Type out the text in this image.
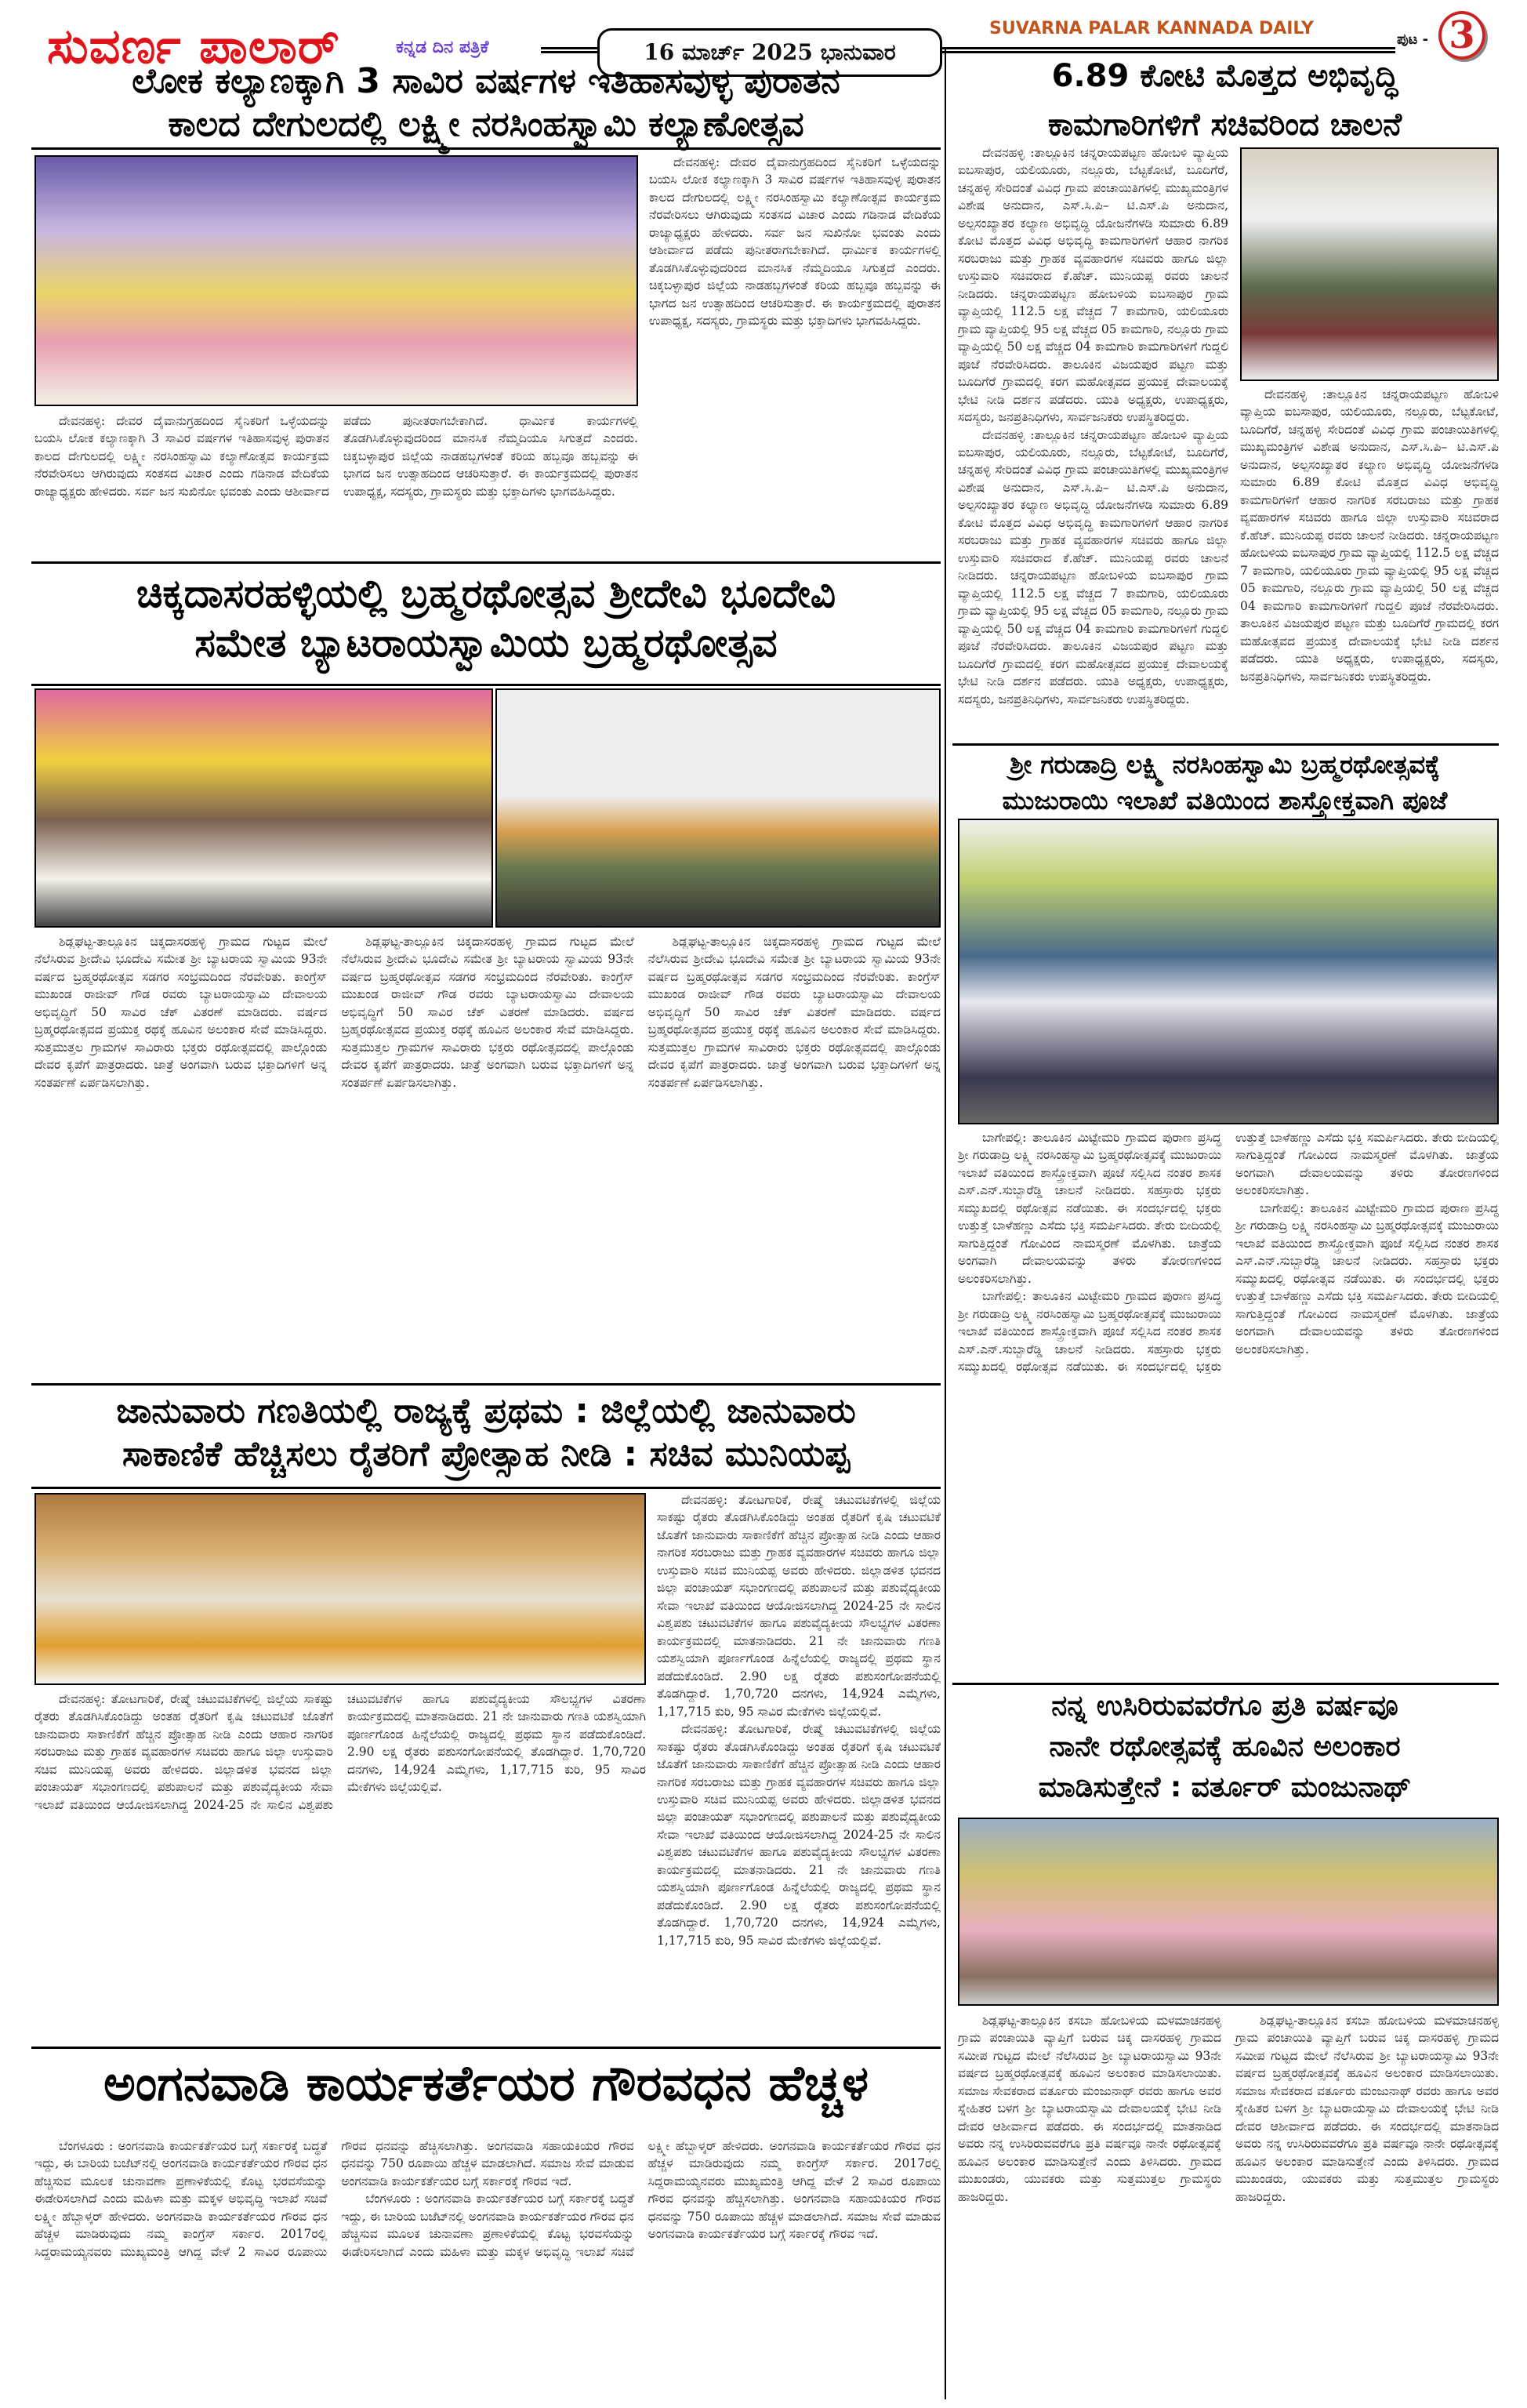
ಸುವರ್ಣ ಪಾಲಾರ್	ಕನ್ನಡ ದಿನ ಪತ್ರಿಕೆ	16 ಮಾರ್ಚ್ 2025 ಭಾನುವಾರ
SUVARNA PALAR KANNADA DAILY
ಪುಟ - 3
ಲೋಕ ಕಲ್ಯಾಣಕ್ಕಾಗಿ 3 ಸಾವಿರ ವರ್ಷಗಳ ಇತಿಹಾಸವುಳ್ಳ ಪುರಾತನ
ಕಾಲದ ದೇಗುಲದಲ್ಲಿ ಲಕ್ಷ್ಮೀ ನರಸಿಂಹಸ್ವಾಮಿ ಕಲ್ಯಾಣೋತ್ಸವ

ದೇವನಹಳ್ಳಿ: ದೇವರ ದೈವಾನುಗ್ರಹದಿಂದ ಸೈನಿಕರಿಗೆ ಒಳ್ಳೆಯದನ್ನು ಬಯಸಿ ಲೋಕ ಕಲ್ಯಾಣಕ್ಕಾಗಿ 3 ಸಾವಿರ ವರ್ಷಗಳ ಇತಿಹಾಸವುಳ್ಳ ಪುರಾತನ ಕಾಲದ ದೇಗುಲದಲ್ಲಿ ಲಕ್ಷ್ಮೀ ನರಸಿಂಹಸ್ವಾಮಿ ಕಲ್ಯಾಣೋತ್ಸವ ಕಾರ್ಯಕ್ರಮ ನೆರವೇರಿಸಲು ಆಗಿರುವುದು ಸಂತಸದ ವಿಚಾರ ಎಂದು ಗಡಿನಾಡ ವೇದಿಕೆಯ ರಾಜ್ಯಾಧ್ಯಕ್ಷರು ಹೇಳಿದರು. ಸರ್ವ ಜನ ಸುಖಿನೋ ಭವಂತು ಎಂದು ಆಶೀರ್ವಾದ ಪಡೆದು ಪುನೀತರಾಗಬೇಕಾಗಿದೆ. ಧಾರ್ಮಿಕ ಕಾರ್ಯಗಳಲ್ಲಿ ತೊಡಗಿಸಿಕೊಳ್ಳುವುದರಿಂದ ಮಾನಸಿಕ ನೆಮ್ಮದಿಯೂ ಸಿಗುತ್ತದೆ ಎಂದರು. ಚಿಕ್ಕಬಳ್ಳಾಪುರ ಜಿಲ್ಲೆಯ ನಾಡಹಬ್ಬಗಳಂತೆ ಕರಿಯ ಹಬ್ಬವೂ ಹಬ್ಬವನ್ನು ಈ ಭಾಗದ ಜನ ಉತ್ಸಾಹದಿಂದ ಆಚರಿಸುತ್ತಾರೆ. ಈ ಕಾರ್ಯಕ್ರಮದಲ್ಲಿ ಪುರಾತನ ಉಪಾಧ್ಯಕ್ಷ, ಸದಸ್ಯರು, ಗ್ರಾಮಸ್ಥರು ಮತ್ತು ಭಕ್ತಾದಿಗಳು ಭಾಗವಹಿಸಿದ್ದರು.

ದೇವನಹಳ್ಳಿ: ದೇವರ ದೈವಾನುಗ್ರಹದಿಂದ ಸೈನಿಕರಿಗೆ ಒಳ್ಳೆಯದನ್ನು ಬಯಸಿ ಲೋಕ ಕಲ್ಯಾಣಕ್ಕಾಗಿ 3 ಸಾವಿರ ವರ್ಷಗಳ ಇತಿಹಾಸವುಳ್ಳ ಪುರಾತನ ಕಾಲದ ದೇಗುಲದಲ್ಲಿ ಲಕ್ಷ್ಮೀ ನರಸಿಂಹಸ್ವಾಮಿ ಕಲ್ಯಾಣೋತ್ಸವ ಕಾರ್ಯಕ್ರಮ ನೆರವೇರಿಸಲು ಆಗಿರುವುದು ಸಂತಸದ ವಿಚಾರ ಎಂದು ಗಡಿನಾಡ ವೇದಿಕೆಯ ರಾಜ್ಯಾಧ್ಯಕ್ಷರು ಹೇಳಿದರು. ಸರ್ವ ಜನ ಸುಖಿನೋ ಭವಂತು ಎಂದು ಆಶೀರ್ವಾದ ಪಡೆದು ಪುನೀತರಾಗಬೇಕಾಗಿದೆ. ಧಾರ್ಮಿಕ ಕಾರ್ಯಗಳಲ್ಲಿ ತೊಡಗಿಸಿಕೊಳ್ಳುವುದರಿಂದ ಮಾನಸಿಕ ನೆಮ್ಮದಿಯೂ ಸಿಗುತ್ತದೆ ಎಂದರು. ಚಿಕ್ಕಬಳ್ಳಾಪುರ ಜಿಲ್ಲೆಯ ನಾಡಹಬ್ಬಗಳಂತೆ ಕರಿಯ ಹಬ್ಬವೂ ಹಬ್ಬವನ್ನು ಈ ಭಾಗದ ಜನ ಉತ್ಸಾಹದಿಂದ ಆಚರಿಸುತ್ತಾರೆ. ಈ ಕಾರ್ಯಕ್ರಮದಲ್ಲಿ ಪುರಾತನ ಉಪಾಧ್ಯಕ್ಷ, ಸದಸ್ಯರು, ಗ್ರಾಮಸ್ಥರು ಮತ್ತು ಭಕ್ತಾದಿಗಳು ಭಾಗವಹಿಸಿದ್ದರು.

ಚಿಕ್ಕದಾಸರಹಳ್ಳಿಯಲ್ಲಿ ಬ್ರಹ್ಮರಥೋತ್ಸವ ಶ್ರೀದೇವಿ ಭೂದೇವಿ
ಸಮೇತ ಬ್ಯಾಟರಾಯಸ್ವಾಮಿಯ ಬ್ರಹ್ಮರಥೋತ್ಸವ

ಶಿಡ್ಲಘಟ್ಟ-ತಾಲ್ಲೂಕಿನ ಚಿಕ್ಕದಾಸರಹಳ್ಳಿ ಗ್ರಾಮದ ಗುಟ್ಟದ ಮೇಲೆ ನೆಲೆಸಿರುವ ಶ್ರೀದೇವಿ ಭೂದೇವಿ ಸಮೇತ ಶ್ರೀ ಬ್ಯಾಟರಾಯ ಸ್ವಾಮಿಯ 93ನೇ ವರ್ಷದ ಬ್ರಹ್ಮರಥೋತ್ಸವ ಸಡಗರ ಸಂಭ್ರಮದಿಂದ ನೆರವೇರಿತು. ಕಾಂಗ್ರೆಸ್ ಮುಖಂಡ ರಾಜೀವ್ ಗೌಡ ರವರು ಬ್ಯಾಟರಾಯಸ್ವಾಮಿ ದೇವಾಲಯ ಅಭಿವೃದ್ಧಿಗೆ 50 ಸಾವಿರ ಚೆಕ್ ವಿತರಣೆ ಮಾಡಿದರು. ವರ್ಷದ ಬ್ರಹ್ಮರಥೋತ್ಸವದ ಪ್ರಯುಕ್ತ ರಥಕ್ಕೆ ಹೂವಿನ ಅಲಂಕಾರ ಸೇವೆ ಮಾಡಿಸಿದ್ದರು. ಸುತ್ತಮುತ್ತಲ ಗ್ರಾಮಗಳ ಸಾವಿರಾರು ಭಕ್ತರು ರಥೋತ್ಸವದಲ್ಲಿ ಪಾಲ್ಗೊಂಡು ದೇವರ ಕೃಪೆಗೆ ಪಾತ್ರರಾದರು. ಜಾತ್ರೆ ಅಂಗವಾಗಿ ಬರುವ ಭಕ್ತಾದಿಗಳಿಗೆ ಅನ್ನ ಸಂತರ್ಪಣೆ ಏರ್ಪಡಿಸಲಾಗಿತ್ತು.

ಶಿಡ್ಲಘಟ್ಟ-ತಾಲ್ಲೂಕಿನ ಚಿಕ್ಕದಾಸರಹಳ್ಳಿ ಗ್ರಾಮದ ಗುಟ್ಟದ ಮೇಲೆ ನೆಲೆಸಿರುವ ಶ್ರೀದೇವಿ ಭೂದೇವಿ ಸಮೇತ ಶ್ರೀ ಬ್ಯಾಟರಾಯ ಸ್ವಾಮಿಯ 93ನೇ ವರ್ಷದ ಬ್ರಹ್ಮರಥೋತ್ಸವ ಸಡಗರ ಸಂಭ್ರಮದಿಂದ ನೆರವೇರಿತು. ಕಾಂಗ್ರೆಸ್ ಮುಖಂಡ ರಾಜೀವ್ ಗೌಡ ರವರು ಬ್ಯಾಟರಾಯಸ್ವಾಮಿ ದೇವಾಲಯ ಅಭಿವೃದ್ಧಿಗೆ 50 ಸಾವಿರ ಚೆಕ್ ವಿತರಣೆ ಮಾಡಿದರು. ವರ್ಷದ ಬ್ರಹ್ಮರಥೋತ್ಸವದ ಪ್ರಯುಕ್ತ ರಥಕ್ಕೆ ಹೂವಿನ ಅಲಂಕಾರ ಸೇವೆ ಮಾಡಿಸಿದ್ದರು. ಸುತ್ತಮುತ್ತಲ ಗ್ರಾಮಗಳ ಸಾವಿರಾರು ಭಕ್ತರು ರಥೋತ್ಸವದಲ್ಲಿ ಪಾಲ್ಗೊಂಡು ದೇವರ ಕೃಪೆಗೆ ಪಾತ್ರರಾದರು. ಜಾತ್ರೆ ಅಂಗವಾಗಿ ಬರುವ ಭಕ್ತಾದಿಗಳಿಗೆ ಅನ್ನ ಸಂತರ್ಪಣೆ ಏರ್ಪಡಿಸಲಾಗಿತ್ತು.

ಶಿಡ್ಲಘಟ್ಟ-ತಾಲ್ಲೂಕಿನ ಚಿಕ್ಕದಾಸರಹಳ್ಳಿ ಗ್ರಾಮದ ಗುಟ್ಟದ ಮೇಲೆ ನೆಲೆಸಿರುವ ಶ್ರೀದೇವಿ ಭೂದೇವಿ ಸಮೇತ ಶ್ರೀ ಬ್ಯಾಟರಾಯ ಸ್ವಾಮಿಯ 93ನೇ ವರ್ಷದ ಬ್ರಹ್ಮರಥೋತ್ಸವ ಸಡಗರ ಸಂಭ್ರಮದಿಂದ ನೆರವೇರಿತು. ಕಾಂಗ್ರೆಸ್ ಮುಖಂಡ ರಾಜೀವ್ ಗೌಡ ರವರು ಬ್ಯಾಟರಾಯಸ್ವಾಮಿ ದೇವಾಲಯ ಅಭಿವೃದ್ಧಿಗೆ 50 ಸಾವಿರ ಚೆಕ್ ವಿತರಣೆ ಮಾಡಿದರು. ವರ್ಷದ ಬ್ರಹ್ಮರಥೋತ್ಸವದ ಪ್ರಯುಕ್ತ ರಥಕ್ಕೆ ಹೂವಿನ ಅಲಂಕಾರ ಸೇವೆ ಮಾಡಿಸಿದ್ದರು. ಸುತ್ತಮುತ್ತಲ ಗ್ರಾಮಗಳ ಸಾವಿರಾರು ಭಕ್ತರು ರಥೋತ್ಸವದಲ್ಲಿ ಪಾಲ್ಗೊಂಡು ದೇವರ ಕೃಪೆಗೆ ಪಾತ್ರರಾದರು. ಜಾತ್ರೆ ಅಂಗವಾಗಿ ಬರುವ ಭಕ್ತಾದಿಗಳಿಗೆ ಅನ್ನ ಸಂತರ್ಪಣೆ ಏರ್ಪಡಿಸಲಾಗಿತ್ತು.

ಜಾನುವಾರು ಗಣತಿಯಲ್ಲಿ ರಾಜ್ಯಕ್ಕೆ ಪ್ರಥಮ : ಜಿಲ್ಲೆಯಲ್ಲಿ ಜಾನುವಾರು
ಸಾಕಾಣಿಕೆ ಹೆಚ್ಚಿಸಲು ರೈತರಿಗೆ ಪ್ರೋತ್ಸಾಹ ನೀಡಿ : ಸಚಿವ ಮುನಿಯಪ್ಪ

ದೇವನಹಳ್ಳಿ: ತೋಟಗಾರಿಕೆ, ರೇಷ್ಮೆ ಚಟುವಟಿಕೆಗಳಲ್ಲಿ ಜಿಲ್ಲೆಯ ಸಾಕಷ್ಟು ರೈತರು ತೊಡಗಿಸಿಕೊಂಡಿದ್ದು ಅಂತಹ ರೈತರಿಗೆ ಕೃಷಿ ಚಟುವಟಿಕೆ ಜೊತೆಗೆ ಜಾನುವಾರು ಸಾಕಾಣಿಕೆಗೆ ಹೆಚ್ಚಿನ ಪ್ರೋತ್ಸಾಹ ನೀಡಿ ಎಂದು ಆಹಾರ ನಾಗರಿಕ ಸರಬರಾಜು ಮತ್ತು ಗ್ರಾಹಕ ವ್ಯವಹಾರಗಳ ಸಚಿವರು ಹಾಗೂ ಜಿಲ್ಲಾ ಉಸ್ತುವಾರಿ ಸಚಿವ ಮುನಿಯಪ್ಪ ಅವರು ಹೇಳಿದರು. ಜಿಲ್ಲಾಡಳಿತ ಭವನದ ಜಿಲ್ಲಾ ಪಂಚಾಯತ್ ಸಭಾಂಗಣದಲ್ಲಿ ಪಶುಪಾಲನೆ ಮತ್ತು ಪಶುವೈದ್ಯಕೀಯ ಸೇವಾ ಇಲಾಖೆ ವತಿಯಿಂದ ಆಯೋಜಿಸಲಾಗಿದ್ದ 2024-25 ನೇ ಸಾಲಿನ ವಿಶ್ವಪಶು ಚಟುವಟಿಕೆಗಳ ಹಾಗೂ ಪಶುವೈದ್ಯಕೀಯ ಸೌಲಭ್ಯಗಳ ವಿತರಣಾ ಕಾರ್ಯಕ್ರಮದಲ್ಲಿ ಮಾತನಾಡಿದರು. 21 ನೇ ಜಾನುವಾರು ಗಣತಿ ಯಶಸ್ವಿಯಾಗಿ ಪೂರ್ಣಗೊಂಡ ಹಿನ್ನೆಲೆಯಲ್ಲಿ ರಾಜ್ಯದಲ್ಲಿ ಪ್ರಥಮ ಸ್ಥಾನ ಪಡೆದುಕೊಂಡಿದೆ. 2.90 ಲಕ್ಷ ರೈತರು ಪಶುಸಂಗೋಪನೆಯಲ್ಲಿ ತೊಡಗಿದ್ದಾರೆ. 1,70,720 ದನಗಳು, 14,924 ಎಮ್ಮೆಗಳು, 1,17,715 ಕುರಿ, 95 ಸಾವಿರ ಮೇಕೆಗಳು ಜಿಲ್ಲೆಯಲ್ಲಿವೆ.

ದೇವನಹಳ್ಳಿ: ತೋಟಗಾರಿಕೆ, ರೇಷ್ಮೆ ಚಟುವಟಿಕೆಗಳಲ್ಲಿ ಜಿಲ್ಲೆಯ ಸಾಕಷ್ಟು ರೈತರು ತೊಡಗಿಸಿಕೊಂಡಿದ್ದು ಅಂತಹ ರೈತರಿಗೆ ಕೃಷಿ ಚಟುವಟಿಕೆ ಜೊತೆಗೆ ಜಾನುವಾರು ಸಾಕಾಣಿಕೆಗೆ ಹೆಚ್ಚಿನ ಪ್ರೋತ್ಸಾಹ ನೀಡಿ ಎಂದು ಆಹಾರ ನಾಗರಿಕ ಸರಬರಾಜು ಮತ್ತು ಗ್ರಾಹಕ ವ್ಯವಹಾರಗಳ ಸಚಿವರು ಹಾಗೂ ಜಿಲ್ಲಾ ಉಸ್ತುವಾರಿ ಸಚಿವ ಮುನಿಯಪ್ಪ ಅವರು ಹೇಳಿದರು. ಜಿಲ್ಲಾಡಳಿತ ಭವನದ ಜಿಲ್ಲಾ ಪಂಚಾಯತ್ ಸಭಾಂಗಣದಲ್ಲಿ ಪಶುಪಾಲನೆ ಮತ್ತು ಪಶುವೈದ್ಯಕೀಯ ಸೇವಾ ಇಲಾಖೆ ವತಿಯಿಂದ ಆಯೋಜಿಸಲಾಗಿದ್ದ 2024-25 ನೇ ಸಾಲಿನ ವಿಶ್ವಪಶು ಚಟುವಟಿಕೆಗಳ ಹಾಗೂ ಪಶುವೈದ್ಯಕೀಯ ಸೌಲಭ್ಯಗಳ ವಿತರಣಾ ಕಾರ್ಯಕ್ರಮದಲ್ಲಿ ಮಾತನಾಡಿದರು. 21 ನೇ ಜಾನುವಾರು ಗಣತಿ ಯಶಸ್ವಿಯಾಗಿ ಪೂರ್ಣಗೊಂಡ ಹಿನ್ನೆಲೆಯಲ್ಲಿ ರಾಜ್ಯದಲ್ಲಿ ಪ್ರಥಮ ಸ್ಥಾನ ಪಡೆದುಕೊಂಡಿದೆ. 2.90 ಲಕ್ಷ ರೈತರು ಪಶುಸಂಗೋಪನೆಯಲ್ಲಿ ತೊಡಗಿದ್ದಾರೆ. 1,70,720 ದನಗಳು, 14,924 ಎಮ್ಮೆಗಳು, 1,17,715 ಕುರಿ, 95 ಸಾವಿರ ಮೇಕೆಗಳು ಜಿಲ್ಲೆಯಲ್ಲಿವೆ.

ದೇವನಹಳ್ಳಿ: ತೋಟಗಾರಿಕೆ, ರೇಷ್ಮೆ ಚಟುವಟಿಕೆಗಳಲ್ಲಿ ಜಿಲ್ಲೆಯ ಸಾಕಷ್ಟು ರೈತರು ತೊಡಗಿಸಿಕೊಂಡಿದ್ದು ಅಂತಹ ರೈತರಿಗೆ ಕೃಷಿ ಚಟುವಟಿಕೆ ಜೊತೆಗೆ ಜಾನುವಾರು ಸಾಕಾಣಿಕೆಗೆ ಹೆಚ್ಚಿನ ಪ್ರೋತ್ಸಾಹ ನೀಡಿ ಎಂದು ಆಹಾರ ನಾಗರಿಕ ಸರಬರಾಜು ಮತ್ತು ಗ್ರಾಹಕ ವ್ಯವಹಾರಗಳ ಸಚಿವರು ಹಾಗೂ ಜಿಲ್ಲಾ ಉಸ್ತುವಾರಿ ಸಚಿವ ಮುನಿಯಪ್ಪ ಅವರು ಹೇಳಿದರು. ಜಿಲ್ಲಾಡಳಿತ ಭವನದ ಜಿಲ್ಲಾ ಪಂಚಾಯತ್ ಸಭಾಂಗಣದಲ್ಲಿ ಪಶುಪಾಲನೆ ಮತ್ತು ಪಶುವೈದ್ಯಕೀಯ ಸೇವಾ ಇಲಾಖೆ ವತಿಯಿಂದ ಆಯೋಜಿಸಲಾಗಿದ್ದ 2024-25 ನೇ ಸಾಲಿನ ವಿಶ್ವಪಶು ಚಟುವಟಿಕೆಗಳ ಹಾಗೂ ಪಶುವೈದ್ಯಕೀಯ ಸೌಲಭ್ಯಗಳ ವಿತರಣಾ ಕಾರ್ಯಕ್ರಮದಲ್ಲಿ ಮಾತನಾಡಿದರು. 21 ನೇ ಜಾನುವಾರು ಗಣತಿ ಯಶಸ್ವಿಯಾಗಿ ಪೂರ್ಣಗೊಂಡ ಹಿನ್ನೆಲೆಯಲ್ಲಿ ರಾಜ್ಯದಲ್ಲಿ ಪ್ರಥಮ ಸ್ಥಾನ ಪಡೆದುಕೊಂಡಿದೆ. 2.90 ಲಕ್ಷ ರೈತರು ಪಶುಸಂಗೋಪನೆಯಲ್ಲಿ ತೊಡಗಿದ್ದಾರೆ. 1,70,720 ದನಗಳು, 14,924 ಎಮ್ಮೆಗಳು, 1,17,715 ಕುರಿ, 95 ಸಾವಿರ ಮೇಕೆಗಳು ಜಿಲ್ಲೆಯಲ್ಲಿವೆ.

ಅಂಗನವಾಡಿ ಕಾರ್ಯಕರ್ತೆಯರ ಗೌರವಧನ ಹೆಚ್ಚಳ

ಬೆಂಗಳೂರು : ಅಂಗನವಾಡಿ ಕಾರ್ಯಕರ್ತೆಯರ ಬಗ್ಗೆ ಸರ್ಕಾರಕ್ಕೆ ಬದ್ಧತೆ ಇದ್ದು, ಈ ಬಾರಿಯ ಬಜೆಟ್‌ನಲ್ಲಿ ಅಂಗನವಾಡಿ ಕಾರ್ಯಕರ್ತೆಯರ ಗೌರವ ಧನ ಹೆಚ್ಚಿಸುವ ಮೂಲಕ ಚುನಾವಣಾ ಪ್ರಣಾಳಿಕೆಯಲ್ಲಿ ಕೊಟ್ಟ ಭರವಸೆಯನ್ನು ಈಡೇರಿಸಲಾಗಿದೆ ಎಂದು ಮಹಿಳಾ ಮತ್ತು ಮಕ್ಕಳ ಅಭಿವೃದ್ಧಿ ಇಲಾಖೆ ಸಚಿವೆ ಲಕ್ಷ್ಮೀ ಹೆಬ್ಬಾಳ್ಕರ್ ಹೇಳಿದರು. ಅಂಗನವಾಡಿ ಕಾರ್ಯಕರ್ತೆಯರ ಗೌರವ ಧನ ಹೆಚ್ಚಳ ಮಾಡಿರುವುದು ನಮ್ಮ ಕಾಂಗ್ರೆಸ್ ಸರ್ಕಾರ. 2017ರಲ್ಲಿ ಸಿದ್ದರಾಮಯ್ಯನವರು ಮುಖ್ಯಮಂತ್ರಿ ಆಗಿದ್ದ ವೇಳೆ 2 ಸಾವಿರ ರೂಪಾಯಿ ಗೌರವ ಧನವನ್ನು ಹೆಚ್ಚಿಸಲಾಗಿತ್ತು. ಅಂಗನವಾಡಿ ಸಹಾಯಕಿಯರ ಗೌರವ ಧನವನ್ನು 750 ರೂಪಾಯಿ ಹೆಚ್ಚಳ ಮಾಡಲಾಗಿದೆ. ಸಮಾಜ ಸೇವೆ ಮಾಡುವ ಅಂಗನವಾಡಿ ಕಾರ್ಯಕರ್ತೆಯರ ಬಗ್ಗೆ ಸರ್ಕಾರಕ್ಕೆ ಗೌರವ ಇದೆ.

ಬೆಂಗಳೂರು : ಅಂಗನವಾಡಿ ಕಾರ್ಯಕರ್ತೆಯರ ಬಗ್ಗೆ ಸರ್ಕಾರಕ್ಕೆ ಬದ್ಧತೆ ಇದ್ದು, ಈ ಬಾರಿಯ ಬಜೆಟ್‌ನಲ್ಲಿ ಅಂಗನವಾಡಿ ಕಾರ್ಯಕರ್ತೆಯರ ಗೌರವ ಧನ ಹೆಚ್ಚಿಸುವ ಮೂಲಕ ಚುನಾವಣಾ ಪ್ರಣಾಳಿಕೆಯಲ್ಲಿ ಕೊಟ್ಟ ಭರವಸೆಯನ್ನು ಈಡೇರಿಸಲಾಗಿದೆ ಎಂದು ಮಹಿಳಾ ಮತ್ತು ಮಕ್ಕಳ ಅಭಿವೃದ್ಧಿ ಇಲಾಖೆ ಸಚಿವೆ ಲಕ್ಷ್ಮೀ ಹೆಬ್ಬಾಳ್ಕರ್ ಹೇಳಿದರು. ಅಂಗನವಾಡಿ ಕಾರ್ಯಕರ್ತೆಯರ ಗೌರವ ಧನ ಹೆಚ್ಚಳ ಮಾಡಿರುವುದು ನಮ್ಮ ಕಾಂಗ್ರೆಸ್ ಸರ್ಕಾರ. 2017ರಲ್ಲಿ ಸಿದ್ದರಾಮಯ್ಯನವರು ಮುಖ್ಯಮಂತ್ರಿ ಆಗಿದ್ದ ವೇಳೆ 2 ಸಾವಿರ ರೂಪಾಯಿ ಗೌರವ ಧನವನ್ನು ಹೆಚ್ಚಿಸಲಾಗಿತ್ತು. ಅಂಗನವಾಡಿ ಸಹಾಯಕಿಯರ ಗೌರವ ಧನವನ್ನು 750 ರೂಪಾಯಿ ಹೆಚ್ಚಳ ಮಾಡಲಾಗಿದೆ. ಸಮಾಜ ಸೇವೆ ಮಾಡುವ ಅಂಗನವಾಡಿ ಕಾರ್ಯಕರ್ತೆಯರ ಬಗ್ಗೆ ಸರ್ಕಾರಕ್ಕೆ ಗೌರವ ಇದೆ.

6.89 ಕೋಟಿ ಮೊತ್ತದ ಅಭಿವೃದ್ಧಿ
ಕಾಮಗಾರಿಗಳಿಗೆ ಸಚಿವರಿಂದ ಚಾಲನೆ

ದೇವನಹಳ್ಳಿ :ತಾಲ್ಲೂಕಿನ ಚನ್ನರಾಯಪಟ್ಟಣ ಹೋಬಳಿ ವ್ಯಾಪ್ತಿಯ ಐಬಸಾಪುರ, ಯಲಿಯೂರು, ನಲ್ಲೂರು, ಬೆಟ್ಟಕೋಟೆ, ಬೂದಿಗೆರೆ, ಚನ್ನಹಳ್ಳಿ ಸೇರಿದಂತೆ ವಿವಿಧ ಗ್ರಾಮ ಪಂಚಾಯಿತಿಗಳಲ್ಲಿ ಮುಖ್ಯಮಂತ್ರಿಗಳ ವಿಶೇಷ ಅನುದಾನ, ಎಸ್.ಸಿ.ಪಿ– ಟಿ.ಎಸ್.ಪಿ ಅನುದಾನ, ಅಲ್ಪಸಂಖ್ಯಾತರ ಕಲ್ಯಾಣ ಅಭಿವೃದ್ಧಿ ಯೋಜನೆಗಳಡಿ ಸುಮಾರು 6.89 ಕೋಟಿ ಮೊತ್ತದ ವಿವಿಧ ಅಭಿವೃದ್ಧಿ ಕಾಮಗಾರಿಗಳಿಗೆ ಆಹಾರ ನಾಗರಿಕ ಸರಬರಾಜು ಮತ್ತು ಗ್ರಾಹಕ ವ್ಯವಹಾರಗಳ ಸಚಿವರು ಹಾಗೂ ಜಿಲ್ಲಾ ಉಸ್ತುವಾರಿ ಸಚಿವರಾದ ಕೆ.ಹೆಚ್. ಮುನಿಯಪ್ಪ ರವರು ಚಾಲನೆ ನೀಡಿದರು. ಚನ್ನರಾಯಪಟ್ಟಣ ಹೋಬಳಿಯ ಐಬಸಾಪುರ ಗ್ರಾಮ ವ್ಯಾಪ್ತಿಯಲ್ಲಿ 112.5 ಲಕ್ಷ ವೆಚ್ಚದ 7 ಕಾಮಗಾರಿ, ಯಲಿಯೂರು ಗ್ರಾಮ ವ್ಯಾಪ್ತಿಯಲ್ಲಿ 95 ಲಕ್ಷ ವೆಚ್ಚದ 05 ಕಾಮಗಾರಿ, ನಲ್ಲೂರು ಗ್ರಾಮ ವ್ಯಾಪ್ತಿಯಲ್ಲಿ 50 ಲಕ್ಷ ವೆಚ್ಚದ 04 ಕಾಮಗಾರಿ ಕಾಮಗಾರಿಗಳಿಗೆ ಗುದ್ದಲಿ ಪೂಜೆ ನೆರವೇರಿಸಿದರು. ತಾಲೂಕಿನ ವಿಜಯಪುರ ಪಟ್ಟಣ ಮತ್ತು ಬೂದಿಗೆರೆ ಗ್ರಾಮದಲ್ಲಿ ಕರಗ ಮಹೋತ್ಸವದ ಪ್ರಯುಕ್ತ ದೇವಾಲಯಕ್ಕೆ ಭೇಟಿ ನೀಡಿ ದರ್ಶನ ಪಡೆದರು. ಯುತಿ ಅಧ್ಯಕ್ಷರು, ಉಪಾಧ್ಯಕ್ಷರು, ಸದಸ್ಯರು, ಜನಪ್ರತಿನಿಧಿಗಳು, ಸಾರ್ವಜನಿಕರು ಉಪಸ್ಥಿತರಿದ್ದರು.

ದೇವನಹಳ್ಳಿ :ತಾಲ್ಲೂಕಿನ ಚನ್ನರಾಯಪಟ್ಟಣ ಹೋಬಳಿ ವ್ಯಾಪ್ತಿಯ ಐಬಸಾಪುರ, ಯಲಿಯೂರು, ನಲ್ಲೂರು, ಬೆಟ್ಟಕೋಟೆ, ಬೂದಿಗೆರೆ, ಚನ್ನಹಳ್ಳಿ ಸೇರಿದಂತೆ ವಿವಿಧ ಗ್ರಾಮ ಪಂಚಾಯಿತಿಗಳಲ್ಲಿ ಮುಖ್ಯಮಂತ್ರಿಗಳ ವಿಶೇಷ ಅನುದಾನ, ಎಸ್.ಸಿ.ಪಿ– ಟಿ.ಎಸ್.ಪಿ ಅನುದಾನ, ಅಲ್ಪಸಂಖ್ಯಾತರ ಕಲ್ಯಾಣ ಅಭಿವೃದ್ಧಿ ಯೋಜನೆಗಳಡಿ ಸುಮಾರು 6.89 ಕೋಟಿ ಮೊತ್ತದ ವಿವಿಧ ಅಭಿವೃದ್ಧಿ ಕಾಮಗಾರಿಗಳಿಗೆ ಆಹಾರ ನಾಗರಿಕ ಸರಬರಾಜು ಮತ್ತು ಗ್ರಾಹಕ ವ್ಯವಹಾರಗಳ ಸಚಿವರು ಹಾಗೂ ಜಿಲ್ಲಾ ಉಸ್ತುವಾರಿ ಸಚಿವರಾದ ಕೆ.ಹೆಚ್. ಮುನಿಯಪ್ಪ ರವರು ಚಾಲನೆ ನೀಡಿದರು. ಚನ್ನರಾಯಪಟ್ಟಣ ಹೋಬಳಿಯ ಐಬಸಾಪುರ ಗ್ರಾಮ ವ್ಯಾಪ್ತಿಯಲ್ಲಿ 112.5 ಲಕ್ಷ ವೆಚ್ಚದ 7 ಕಾಮಗಾರಿ, ಯಲಿಯೂರು ಗ್ರಾಮ ವ್ಯಾಪ್ತಿಯಲ್ಲಿ 95 ಲಕ್ಷ ವೆಚ್ಚದ 05 ಕಾಮಗಾರಿ, ನಲ್ಲೂರು ಗ್ರಾಮ ವ್ಯಾಪ್ತಿಯಲ್ಲಿ 50 ಲಕ್ಷ ವೆಚ್ಚದ 04 ಕಾಮಗಾರಿ ಕಾಮಗಾರಿಗಳಿಗೆ ಗುದ್ದಲಿ ಪೂಜೆ ನೆರವೇರಿಸಿದರು. ತಾಲೂಕಿನ ವಿಜಯಪುರ ಪಟ್ಟಣ ಮತ್ತು ಬೂದಿಗೆರೆ ಗ್ರಾಮದಲ್ಲಿ ಕರಗ ಮಹೋತ್ಸವದ ಪ್ರಯುಕ್ತ ದೇವಾಲಯಕ್ಕೆ ಭೇಟಿ ನೀಡಿ ದರ್ಶನ ಪಡೆದರು. ಯುತಿ ಅಧ್ಯಕ್ಷರು, ಉಪಾಧ್ಯಕ್ಷರು, ಸದಸ್ಯರು, ಜನಪ್ರತಿನಿಧಿಗಳು, ಸಾರ್ವಜನಿಕರು ಉಪಸ್ಥಿತರಿದ್ದರು.

ದೇವನಹಳ್ಳಿ :ತಾಲ್ಲೂಕಿನ ಚನ್ನರಾಯಪಟ್ಟಣ ಹೋಬಳಿ ವ್ಯಾಪ್ತಿಯ ಐಬಸಾಪುರ, ಯಲಿಯೂರು, ನಲ್ಲೂರು, ಬೆಟ್ಟಕೋಟೆ, ಬೂದಿಗೆರೆ, ಚನ್ನಹಳ್ಳಿ ಸೇರಿದಂತೆ ವಿವಿಧ ಗ್ರಾಮ ಪಂಚಾಯಿತಿಗಳಲ್ಲಿ ಮುಖ್ಯಮಂತ್ರಿಗಳ ವಿಶೇಷ ಅನುದಾನ, ಎಸ್.ಸಿ.ಪಿ– ಟಿ.ಎಸ್.ಪಿ ಅನುದಾನ, ಅಲ್ಪಸಂಖ್ಯಾತರ ಕಲ್ಯಾಣ ಅಭಿವೃದ್ಧಿ ಯೋಜನೆಗಳಡಿ ಸುಮಾರು 6.89 ಕೋಟಿ ಮೊತ್ತದ ವಿವಿಧ ಅಭಿವೃದ್ಧಿ ಕಾಮಗಾರಿಗಳಿಗೆ ಆಹಾರ ನಾಗರಿಕ ಸರಬರಾಜು ಮತ್ತು ಗ್ರಾಹಕ ವ್ಯವಹಾರಗಳ ಸಚಿವರು ಹಾಗೂ ಜಿಲ್ಲಾ ಉಸ್ತುವಾರಿ ಸಚಿವರಾದ ಕೆ.ಹೆಚ್. ಮುನಿಯಪ್ಪ ರವರು ಚಾಲನೆ ನೀಡಿದರು. ಚನ್ನರಾಯಪಟ್ಟಣ ಹೋಬಳಿಯ ಐಬಸಾಪುರ ಗ್ರಾಮ ವ್ಯಾಪ್ತಿಯಲ್ಲಿ 112.5 ಲಕ್ಷ ವೆಚ್ಚದ 7 ಕಾಮಗಾರಿ, ಯಲಿಯೂರು ಗ್ರಾಮ ವ್ಯಾಪ್ತಿಯಲ್ಲಿ 95 ಲಕ್ಷ ವೆಚ್ಚದ 05 ಕಾಮಗಾರಿ, ನಲ್ಲೂರು ಗ್ರಾಮ ವ್ಯಾಪ್ತಿಯಲ್ಲಿ 50 ಲಕ್ಷ ವೆಚ್ಚದ 04 ಕಾಮಗಾರಿ ಕಾಮಗಾರಿಗಳಿಗೆ ಗುದ್ದಲಿ ಪೂಜೆ ನೆರವೇರಿಸಿದರು. ತಾಲೂಕಿನ ವಿಜಯಪುರ ಪಟ್ಟಣ ಮತ್ತು ಬೂದಿಗೆರೆ ಗ್ರಾಮದಲ್ಲಿ ಕರಗ ಮಹೋತ್ಸವದ ಪ್ರಯುಕ್ತ ದೇವಾಲಯಕ್ಕೆ ಭೇಟಿ ನೀಡಿ ದರ್ಶನ ಪಡೆದರು. ಯುತಿ ಅಧ್ಯಕ್ಷರು, ಉಪಾಧ್ಯಕ್ಷರು, ಸದಸ್ಯರು, ಜನಪ್ರತಿನಿಧಿಗಳು, ಸಾರ್ವಜನಿಕರು ಉಪಸ್ಥಿತರಿದ್ದರು.

ಶ್ರೀ ಗರುಡಾದ್ರಿ ಲಕ್ಷ್ಮಿ ನರಸಿಂಹಸ್ವಾಮಿ ಬ್ರಹ್ಮರಥೋತ್ಸವಕ್ಕೆ
ಮುಜುರಾಯಿ ಇಲಾಖೆ ವತಿಯಿಂದ ಶಾಸ್ತ್ರೋಕ್ತವಾಗಿ ಪೂಜೆ

ಬಾಗೇಪಲ್ಲಿ: ತಾಲೂಕಿನ ಮಿಟ್ಟೇಮರಿ ಗ್ರಾಮದ ಪುರಾಣ ಪ್ರಸಿದ್ಧ ಶ್ರೀ ಗರುಡಾದ್ರಿ ಲಕ್ಷ್ಮಿ ನರಸಿಂಹಸ್ವಾಮಿ ಬ್ರಹ್ಮರಥೋತ್ಸವಕ್ಕೆ ಮುಜುರಾಯಿ ಇಲಾಖೆ ವತಿಯಿಂದ ಶಾಸ್ತ್ರೋಕ್ತವಾಗಿ ಪೂಜೆ ಸಲ್ಲಿಸಿದ ನಂತರ ಶಾಸಕ ಎಸ್.ಎನ್.ಸುಬ್ಬಾರೆಡ್ಡಿ ಚಾಲನೆ ನೀಡಿದರು. ಸಹಸ್ರಾರು ಭಕ್ತರು ಸಮ್ಮುಖದಲ್ಲಿ ರಥೋತ್ಸವ ನಡೆಯಿತು. ಈ ಸಂದರ್ಭದಲ್ಲಿ ಭಕ್ತರು ಉತ್ತುತ್ತೆ ಬಾಳೆಹಣ್ಣು ಎಸೆದು ಭಕ್ತಿ ಸಮರ್ಪಿಸಿದರು. ತೇರು ಬೀದಿಯಲ್ಲಿ ಸಾಗುತ್ತಿದ್ದಂತೆ ಗೋವಿಂದ ನಾಮಸ್ಮರಣೆ ಮೊಳಗಿತು. ಜಾತ್ರೆಯ ಅಂಗವಾಗಿ ದೇವಾಲಯವನ್ನು ತಳಿರು ತೋರಣಗಳಿಂದ ಅಲಂಕರಿಸಲಾಗಿತ್ತು.

ಬಾಗೇಪಲ್ಲಿ: ತಾಲೂಕಿನ ಮಿಟ್ಟೇಮರಿ ಗ್ರಾಮದ ಪುರಾಣ ಪ್ರಸಿದ್ಧ ಶ್ರೀ ಗರುಡಾದ್ರಿ ಲಕ್ಷ್ಮಿ ನರಸಿಂಹಸ್ವಾಮಿ ಬ್ರಹ್ಮರಥೋತ್ಸವಕ್ಕೆ ಮುಜುರಾಯಿ ಇಲಾಖೆ ವತಿಯಿಂದ ಶಾಸ್ತ್ರೋಕ್ತವಾಗಿ ಪೂಜೆ ಸಲ್ಲಿಸಿದ ನಂತರ ಶಾಸಕ ಎಸ್.ಎನ್.ಸುಬ್ಬಾರೆಡ್ಡಿ ಚಾಲನೆ ನೀಡಿದರು. ಸಹಸ್ರಾರು ಭಕ್ತರು ಸಮ್ಮುಖದಲ್ಲಿ ರಥೋತ್ಸವ ನಡೆಯಿತು. ಈ ಸಂದರ್ಭದಲ್ಲಿ ಭಕ್ತರು ಉತ್ತುತ್ತೆ ಬಾಳೆಹಣ್ಣು ಎಸೆದು ಭಕ್ತಿ ಸಮರ್ಪಿಸಿದರು. ತೇರು ಬೀದಿಯಲ್ಲಿ ಸಾಗುತ್ತಿದ್ದಂತೆ ಗೋವಿಂದ ನಾಮಸ್ಮರಣೆ ಮೊಳಗಿತು. ಜಾತ್ರೆಯ ಅಂಗವಾಗಿ ದೇವಾಲಯವನ್ನು ತಳಿರು ತೋರಣಗಳಿಂದ ಅಲಂಕರಿಸಲಾಗಿತ್ತು.

ಬಾಗೇಪಲ್ಲಿ: ತಾಲೂಕಿನ ಮಿಟ್ಟೇಮರಿ ಗ್ರಾಮದ ಪುರಾಣ ಪ್ರಸಿದ್ಧ ಶ್ರೀ ಗರುಡಾದ್ರಿ ಲಕ್ಷ್ಮಿ ನರಸಿಂಹಸ್ವಾಮಿ ಬ್ರಹ್ಮರಥೋತ್ಸವಕ್ಕೆ ಮುಜುರಾಯಿ ಇಲಾಖೆ ವತಿಯಿಂದ ಶಾಸ್ತ್ರೋಕ್ತವಾಗಿ ಪೂಜೆ ಸಲ್ಲಿಸಿದ ನಂತರ ಶಾಸಕ ಎಸ್.ಎನ್.ಸುಬ್ಬಾರೆಡ್ಡಿ ಚಾಲನೆ ನೀಡಿದರು. ಸಹಸ್ರಾರು ಭಕ್ತರು ಸಮ್ಮುಖದಲ್ಲಿ ರಥೋತ್ಸವ ನಡೆಯಿತು. ಈ ಸಂದರ್ಭದಲ್ಲಿ ಭಕ್ತರು ಉತ್ತುತ್ತೆ ಬಾಳೆಹಣ್ಣು ಎಸೆದು ಭಕ್ತಿ ಸಮರ್ಪಿಸಿದರು. ತೇರು ಬೀದಿಯಲ್ಲಿ ಸಾಗುತ್ತಿದ್ದಂತೆ ಗೋವಿಂದ ನಾಮಸ್ಮರಣೆ ಮೊಳಗಿತು. ಜಾತ್ರೆಯ ಅಂಗವಾಗಿ ದೇವಾಲಯವನ್ನು ತಳಿರು ತೋರಣಗಳಿಂದ ಅಲಂಕರಿಸಲಾಗಿತ್ತು.

ನನ್ನ ಉಸಿರಿರುವವರೆಗೂ ಪ್ರತಿ ವರ್ಷವೂ
ನಾನೇ ರಥೋತ್ಸವಕ್ಕೆ ಹೂವಿನ ಅಲಂಕಾರ
ಮಾಡಿಸುತ್ತೇನೆ : ವರ್ತೂರ್ ಮಂಜುನಾಥ್

ಶಿಡ್ಲಘಟ್ಟ-ತಾಲ್ಲೂಕಿನ ಕಸಬಾ ಹೋಬಳಿಯ ಮಳಮಾಚನಹಳ್ಳಿ ಗ್ರಾಮ ಪಂಚಾಯಿತಿ ವ್ಯಾಪ್ತಿಗೆ ಬರುವ ಚಿಕ್ಕ ದಾಸರಹಳ್ಳಿ ಗ್ರಾಮದ ಸಮೀಪ ಗುಟ್ಟದ ಮೇಲೆ ನೆಲೆಸಿರುವ ಶ್ರೀ ಬ್ಯಾಟರಾಯಸ್ವಾಮಿ 93ನೇ ವರ್ಷದ ಬ್ರಹ್ಮರಥೋತ್ಸವಕ್ಕೆ ಹೂವಿನ ಅಲಂಕಾರ ಮಾಡಿಸಲಾಯಿತು. ಸಮಾಜ ಸೇವಕರಾದ ವರ್ತೂರು ಮಂಜುನಾಥ್ ರವರು ಹಾಗೂ ಅವರ ಸ್ನೇಹಿತರ ಬಳಗ ಶ್ರೀ ಬ್ಯಾಟರಾಯಸ್ವಾಮಿ ದೇವಾಲಯಕ್ಕೆ ಭೇಟಿ ನೀಡಿ ದೇವರ ಆಶೀರ್ವಾದ ಪಡೆದರು. ಈ ಸಂದರ್ಭದಲ್ಲಿ ಮಾತನಾಡಿದ ಅವರು ನನ್ನ ಉಸಿರಿರುವವರೆಗೂ ಪ್ರತಿ ವರ್ಷವೂ ನಾನೇ ರಥೋತ್ಸವಕ್ಕೆ ಹೂವಿನ ಅಲಂಕಾರ ಮಾಡಿಸುತ್ತೇನೆ ಎಂದು ತಿಳಿಸಿದರು. ಗ್ರಾಮದ ಮುಖಂಡರು, ಯುವಕರು ಮತ್ತು ಸುತ್ತಮುತ್ತಲ ಗ್ರಾಮಸ್ಥರು ಹಾಜರಿದ್ದರು.

ಶಿಡ್ಲಘಟ್ಟ-ತಾಲ್ಲೂಕಿನ ಕಸಬಾ ಹೋಬಳಿಯ ಮಳಮಾಚನಹಳ್ಳಿ ಗ್ರಾಮ ಪಂಚಾಯಿತಿ ವ್ಯಾಪ್ತಿಗೆ ಬರುವ ಚಿಕ್ಕ ದಾಸರಹಳ್ಳಿ ಗ್ರಾಮದ ಸಮೀಪ ಗುಟ್ಟದ ಮೇಲೆ ನೆಲೆಸಿರುವ ಶ್ರೀ ಬ್ಯಾಟರಾಯಸ್ವಾಮಿ 93ನೇ ವರ್ಷದ ಬ್ರಹ್ಮರಥೋತ್ಸವಕ್ಕೆ ಹೂವಿನ ಅಲಂಕಾರ ಮಾಡಿಸಲಾಯಿತು. ಸಮಾಜ ಸೇವಕರಾದ ವರ್ತೂರು ಮಂಜುನಾಥ್ ರವರು ಹಾಗೂ ಅವರ ಸ್ನೇಹಿತರ ಬಳಗ ಶ್ರೀ ಬ್ಯಾಟರಾಯಸ್ವಾಮಿ ದೇವಾಲಯಕ್ಕೆ ಭೇಟಿ ನೀಡಿ ದೇವರ ಆಶೀರ್ವಾದ ಪಡೆದರು. ಈ ಸಂದರ್ಭದಲ್ಲಿ ಮಾತನಾಡಿದ ಅವರು ನನ್ನ ಉಸಿರಿರುವವರೆಗೂ ಪ್ರತಿ ವರ್ಷವೂ ನಾನೇ ರಥೋತ್ಸವಕ್ಕೆ ಹೂವಿನ ಅಲಂಕಾರ ಮಾಡಿಸುತ್ತೇನೆ ಎಂದು ತಿಳಿಸಿದರು. ಗ್ರಾಮದ ಮುಖಂಡರು, ಯುವಕರು ಮತ್ತು ಸುತ್ತಮುತ್ತಲ ಗ್ರಾಮಸ್ಥರು ಹಾಜರಿದ್ದರು.
